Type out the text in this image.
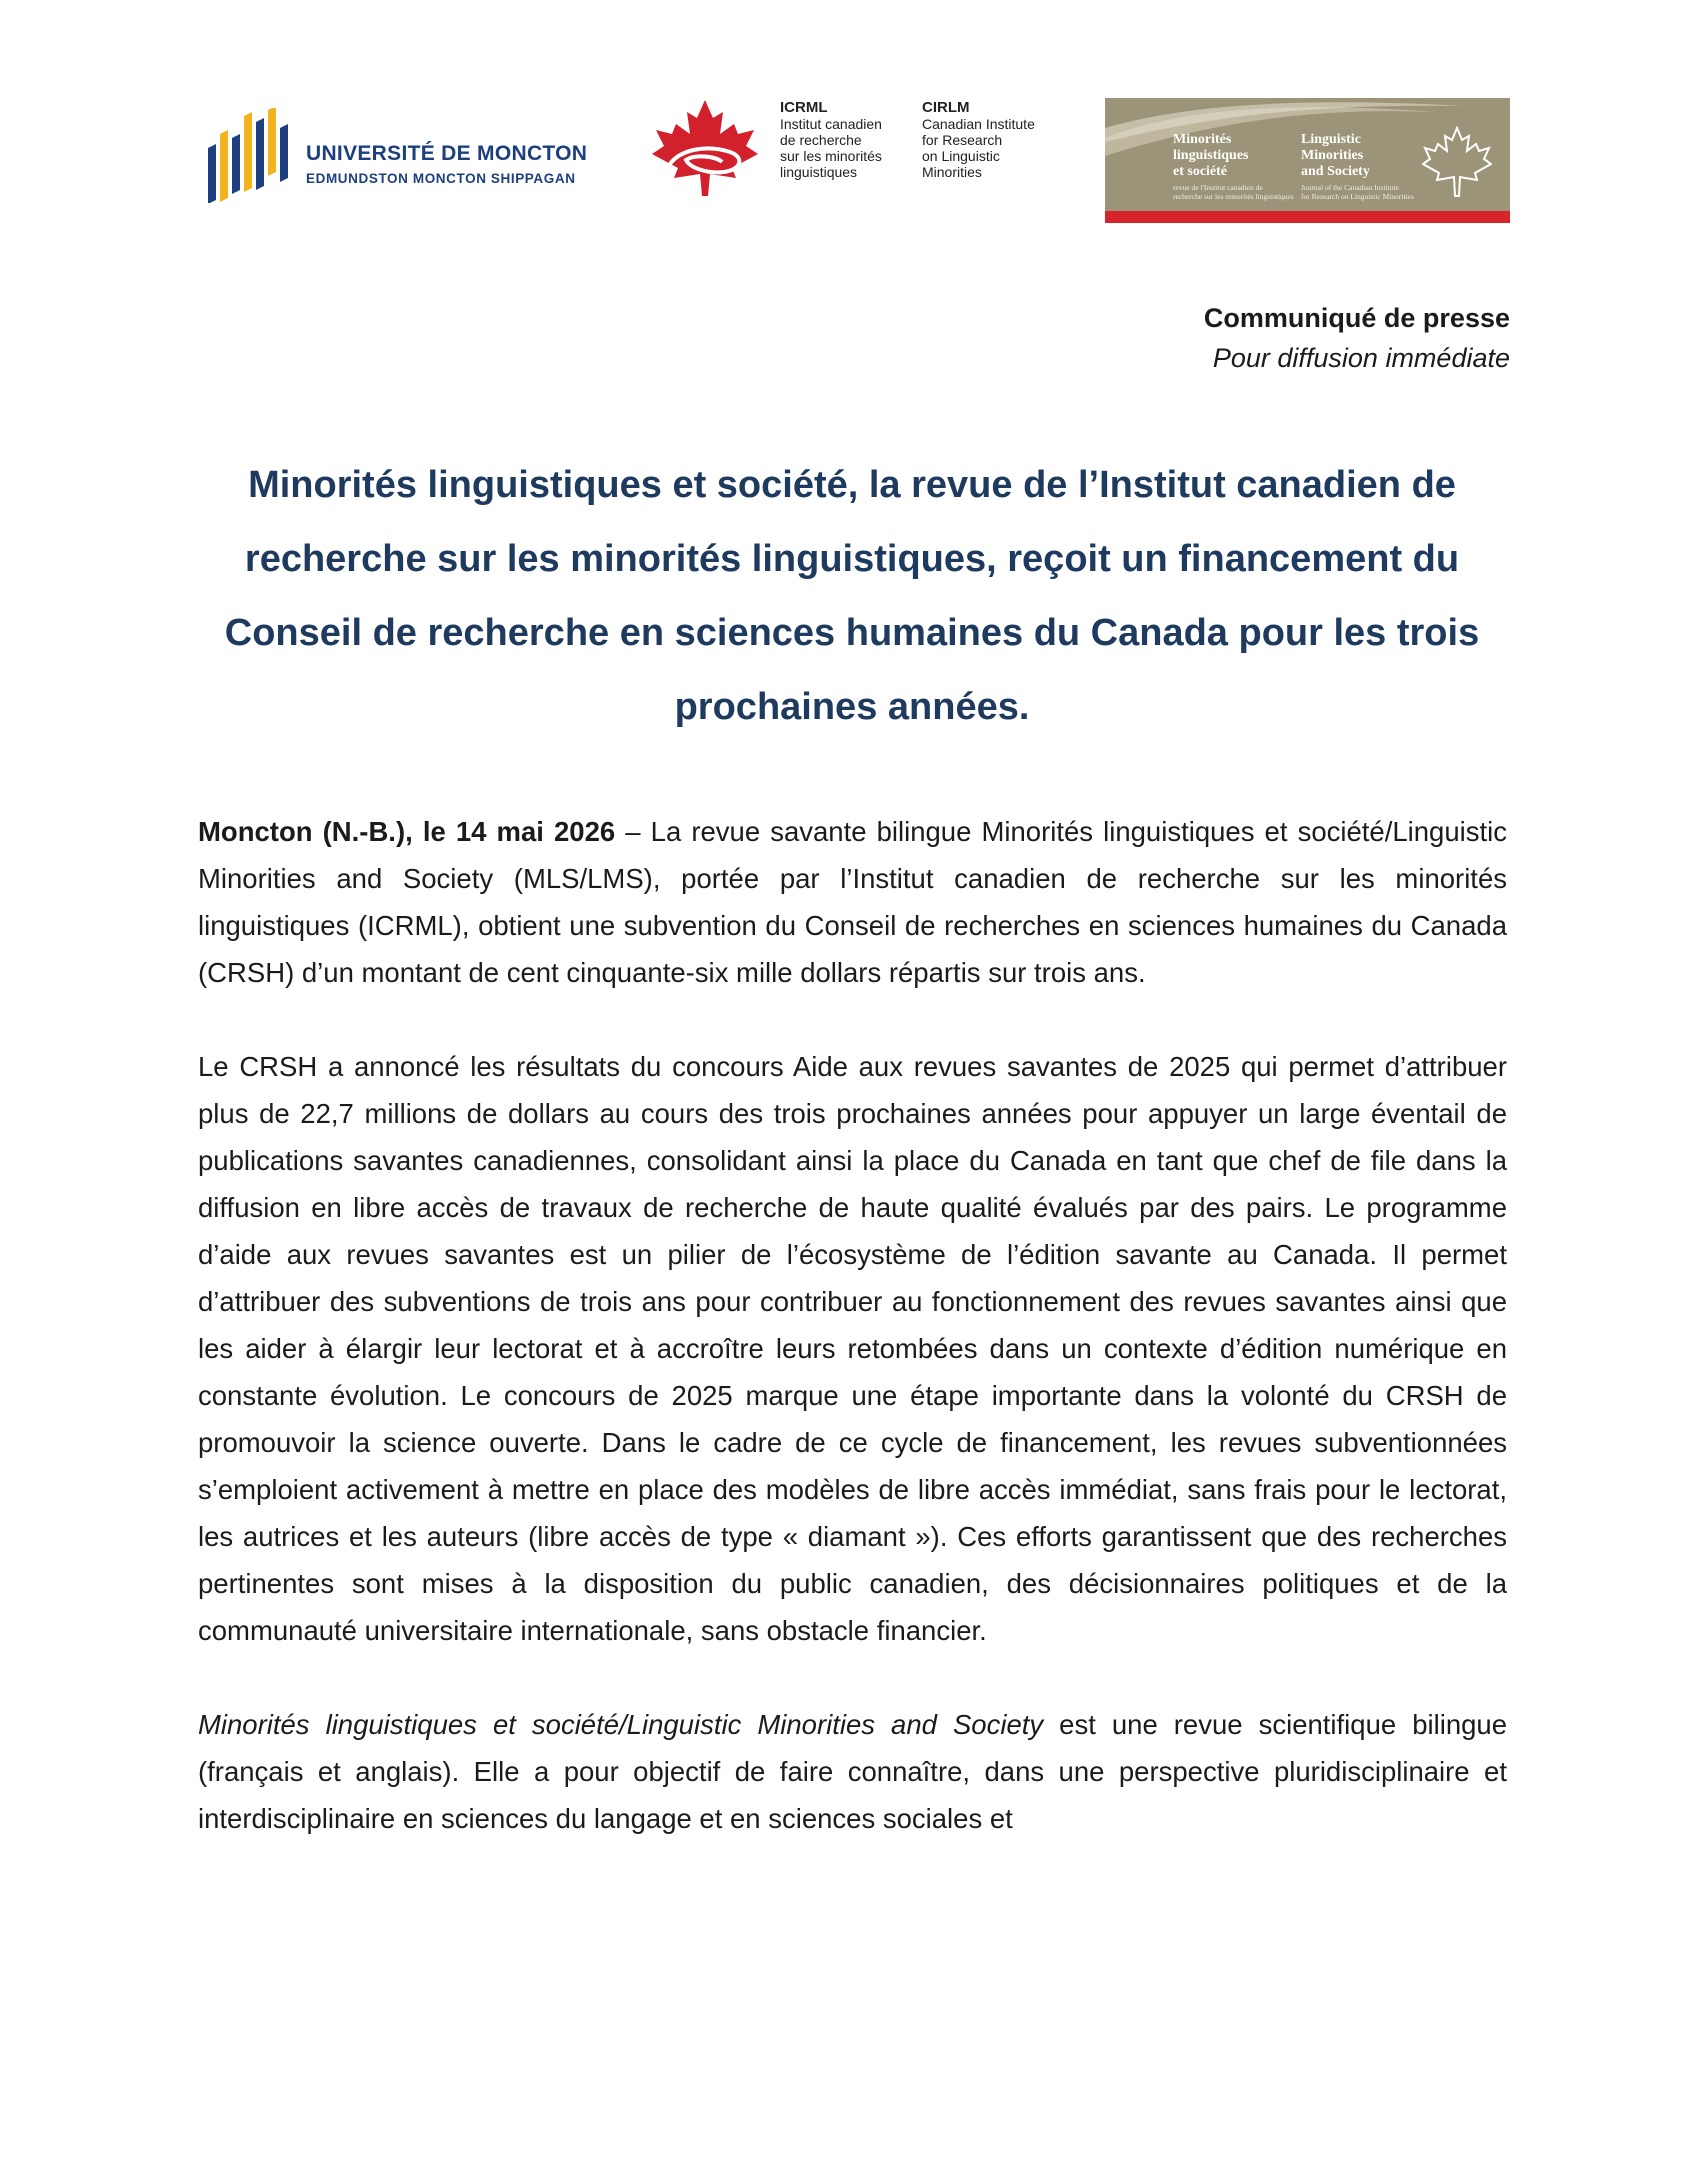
UNIVERSITÉ DE MONCTON
EDMUNDSTON MONCTON SHIPPAGAN
ICRML
Institut canadien
de recherche
sur les minorités
linguistiques
CIRLM
Canadian Institute
for Research
on Linguistic
Minorities
Minorités
linguistiques
et société
revue de l'Institut canadien de
recherche sur les minorités linguistiques
Linguistic
Minorities
and Society
Journal of the Canadian Institute
for Research on Linguistic Minorities
Communiqué de presse
Pour diffusion immédiate
Minorités linguistiques et société, la revue de l’Institut canadien de recherche sur les minorités linguistiques, reçoit un financement du Conseil de recherche en sciences humaines du Canada pour les trois prochaines années.

Moncton (N.-B.), le 14 mai 2026 – La revue savante bilingue Minorités linguistiques et société/Linguistic Minorities and Society (MLS/LMS), portée par l’Institut canadien de recherche sur les minorités linguistiques (ICRML), obtient une subvention du Conseil de recherches en sciences humaines du Canada (CRSH) d’un montant de cent cinquante-six mille dollars répartis sur trois ans.

Le CRSH a annoncé les résultats du concours Aide aux revues savantes de 2025 qui permet d’attribuer plus de 22,7 millions de dollars au cours des trois prochaines années pour appuyer un large éventail de publications savantes canadiennes, consolidant ainsi la place du Canada en tant que chef de file dans la diffusion en libre accès de travaux de recherche de haute qualité évalués par des pairs. Le programme d’aide aux revues savantes est un pilier de l’écosystème de l’édition savante au Canada. Il permet d’attribuer des subventions de trois ans pour contribuer au fonctionnement des revues savantes ainsi que les aider à élargir leur lectorat et à accroître leurs retombées dans un contexte d’édition numérique en constante évolution. Le concours de 2025 marque une étape importante dans la volonté du CRSH de promouvoir la science ouverte. Dans le cadre de ce cycle de financement, les revues subventionnées s’emploient activement à mettre en place des modèles de libre accès immédiat, sans frais pour le lectorat, les autrices et les auteurs (libre accès de type « diamant »). Ces efforts garantissent que des recherches pertinentes sont mises à la disposition du public canadien, des décisionnaires politiques et de la communauté universitaire internationale, sans obstacle financier.

Minorités linguistiques et société/Linguistic Minorities and Society est une revue scientifique bilingue (français et anglais). Elle a pour objectif de faire connaître, dans une perspective pluridisciplinaire et interdisciplinaire en sciences du langage et en sciences sociales et
